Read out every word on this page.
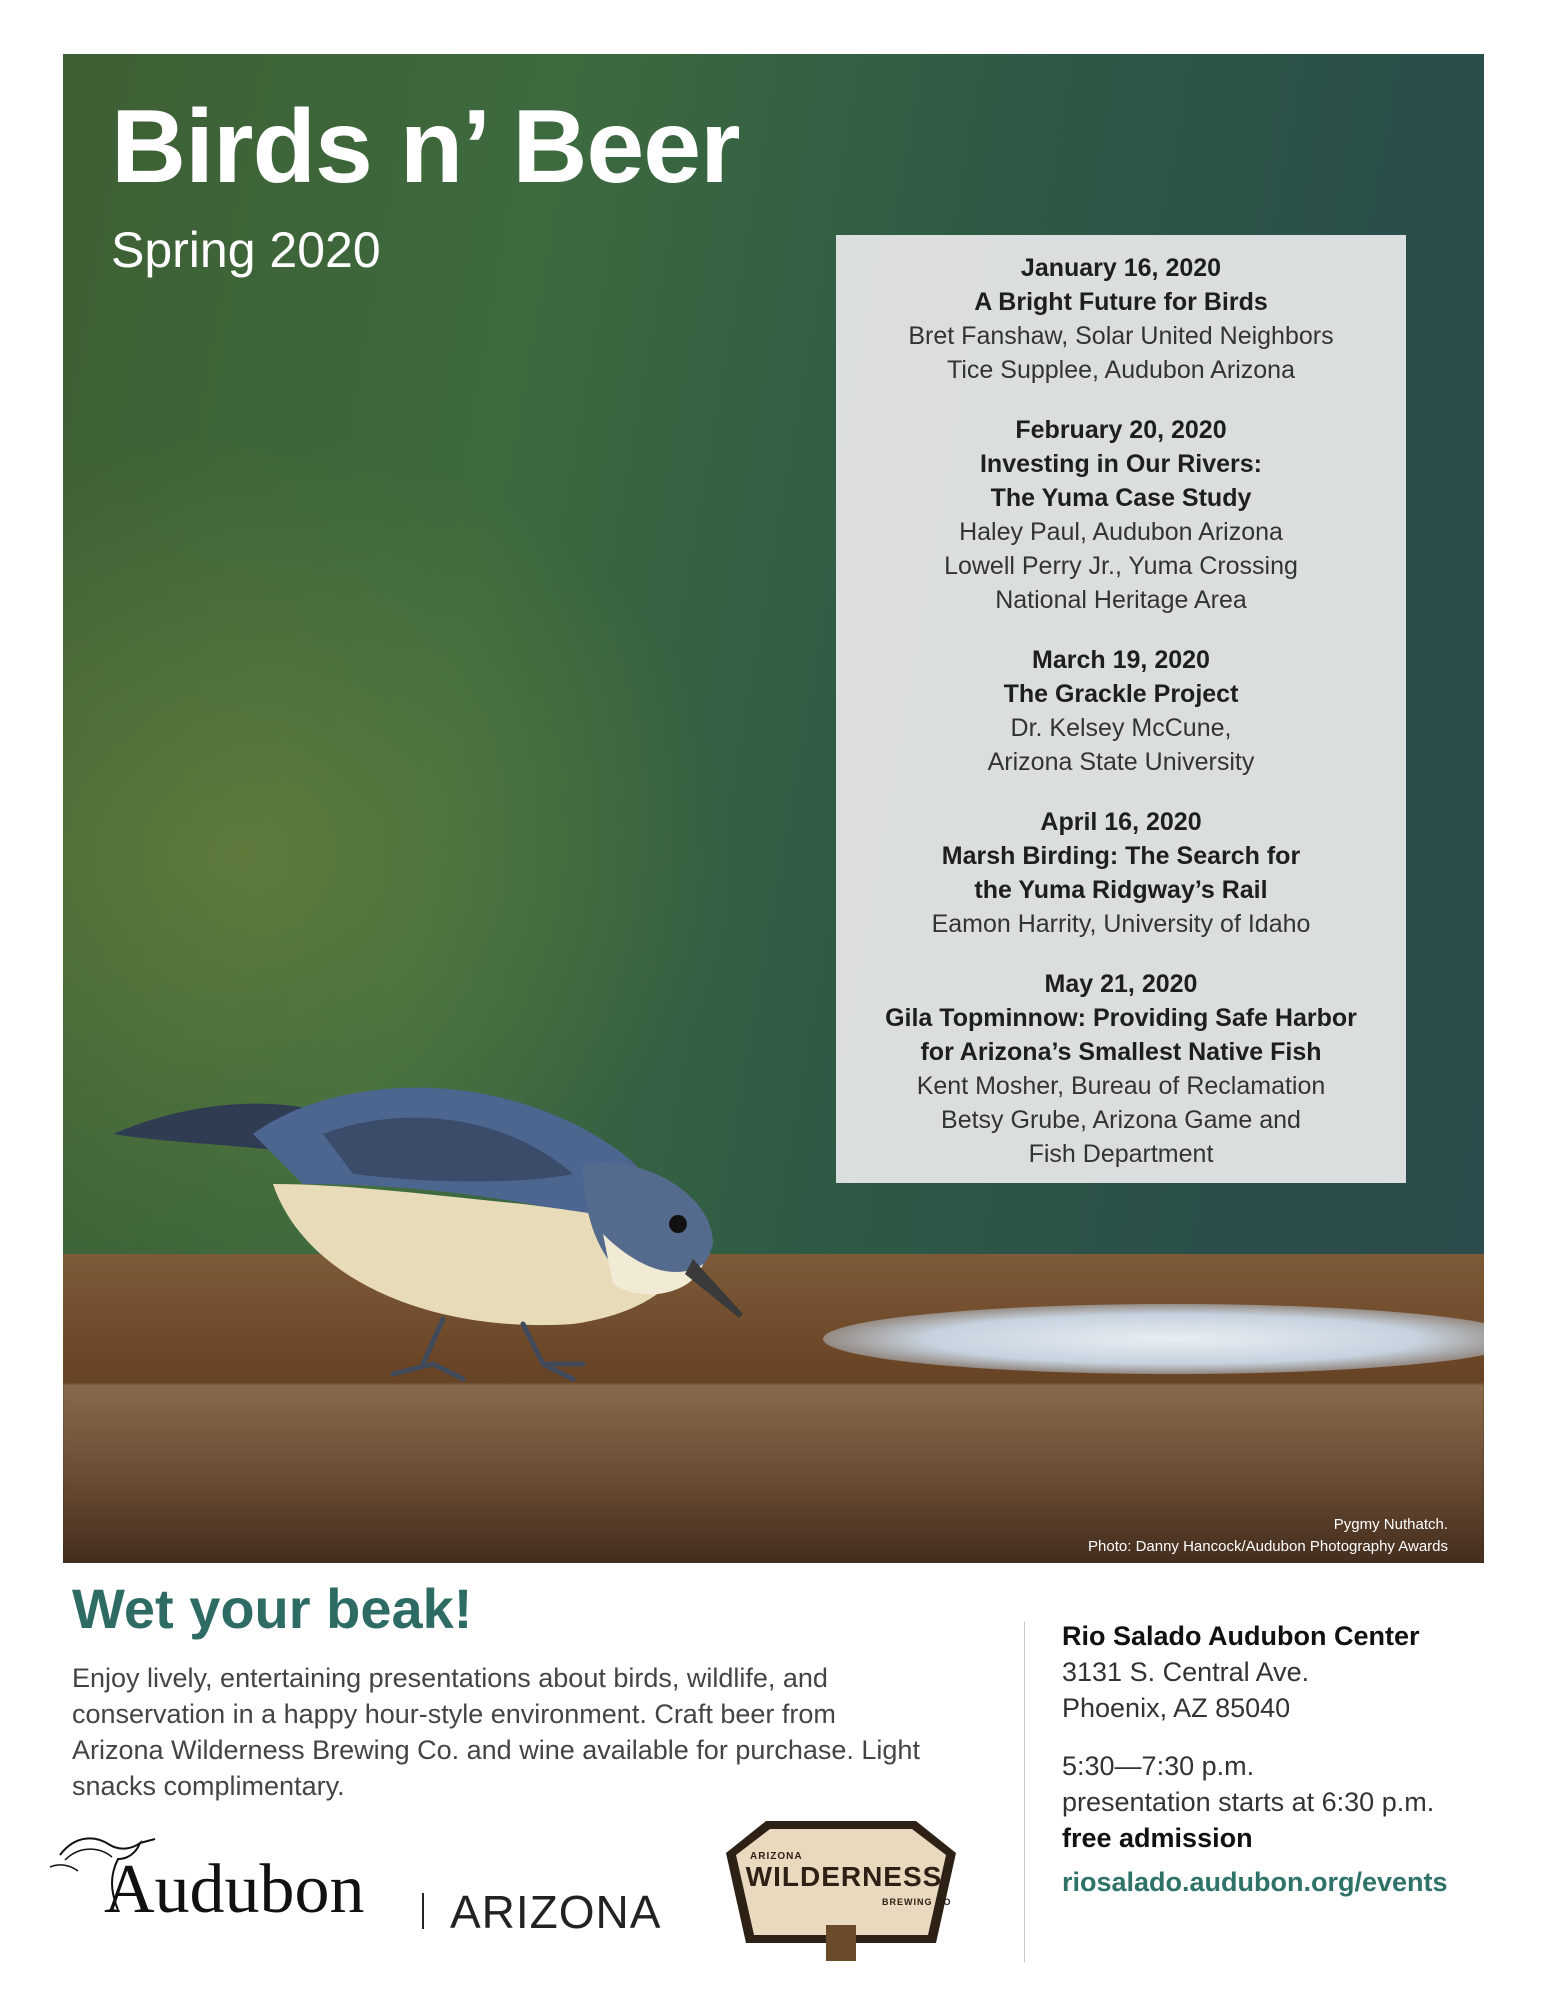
Birds n’ Beer
Spring 2020	January 16, 2020

A Bright Future for Birds

Bret Fanshaw, Solar United Neighbors

Tice Supplee, Audubon Arizona

February 20, 2020

Investing in Our Rivers:

The Yuma Case Study

Haley Paul, Audubon Arizona

Lowell Perry Jr., Yuma Crossing

National Heritage Area

March 19, 2020

The Grackle Project

Dr. Kelsey McCune,

Arizona State University

April 16, 2020

Marsh Birding: The Search for

the Yuma Ridgway’s Rail

Eamon Harrity, University of Idaho

May 21, 2020

Gila Topminnow: Providing Safe Harbor

for Arizona’s Smallest Native Fish

Kent Mosher, Bureau of Reclamation

Betsy Grube, Arizona Game and

Fish Department

Pygmy Nuthatch.
Photo: Danny Hancock/Audubon Photography Awards
Wet your beak!

Enjoy lively, entertaining presentations about birds, wildlife, and conservation in a happy hour-style environment. Craft beer from Arizona Wilderness Brewing Co. and wine available for purchase. Light snacks complimentary.

Audubon ARIZONA
ARIZONA
WILDERNESS
BREWING CO

Rio Salado Audubon Center

3131 S. Central Ave.

Phoenix, AZ 85040

5:30—7:30 p.m.

presentation starts at 6:30 p.m.

free admission

riosalado.audubon.org/events
